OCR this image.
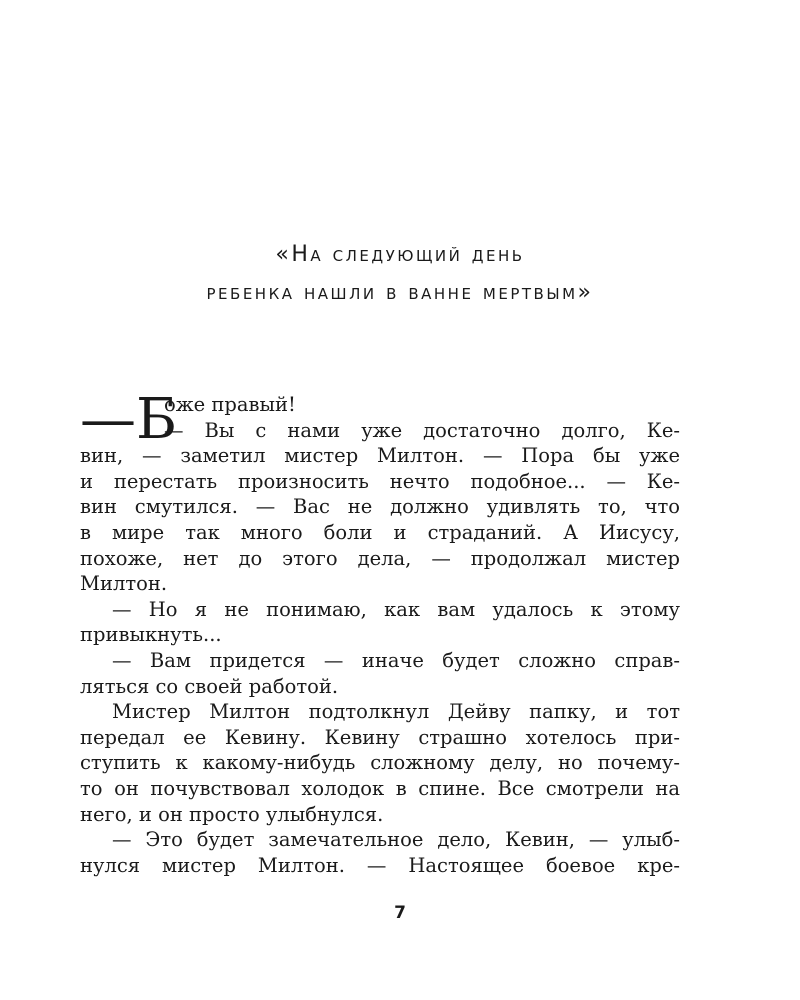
«На следующий день
ребенка нашли в ванне мертвым»
—Б
оже правый!
— Вы с нами уже достаточно долго, Ке-
вин, — заметил мистер Милтон. — Пора бы уже
и перестать произносить нечто подобное... — Ке-
вин смутился. — Вас не должно удивлять то, что
в мире так много боли и страданий. А Иисусу,
похоже, нет до этого дела, — продолжал мистер
Милтон.
— Но я не понимаю, как вам удалось к этому
привыкнуть...
— Вам придется — иначе будет сложно справ-
ляться со своей работой.
Мистер Милтон подтолкнул Дейву папку, и тот
передал ее Кевину. Кевину страшно хотелось при-
ступить к какому-нибудь сложному делу, но почему-
то он почувствовал холодок в спине. Все смотрели на
него, и он просто улыбнулся.
— Это будет замечательное дело, Кевин, — улыб-
нулся мистер Милтон. — Настоящее боевое кре-
7
